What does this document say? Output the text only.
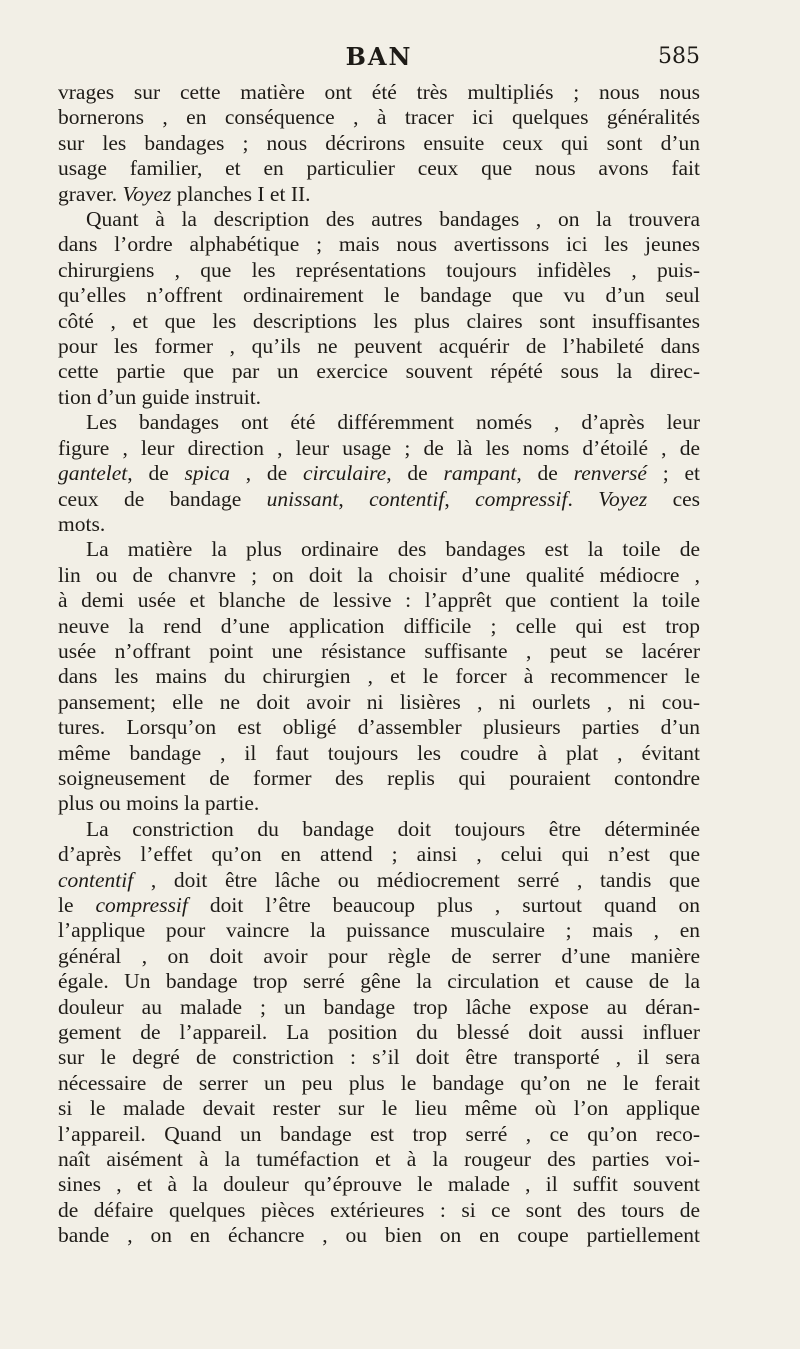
BAN	585
vrages sur cette matière ont été très multipliés ; nous nous
bornerons , en conséquence , à tracer ici quelques généralités
sur les bandages ; nous décrirons ensuite ceux qui sont d’un
usage familier, et en particulier ceux que nous avons fait
graver. Voyez planches I et II.
Quant à la description des autres bandages , on la trouvera
dans l’ordre alphabétique ; mais nous avertissons ici les jeunes
chirurgiens , que les représentations toujours infidèles , puis-
qu’elles n’offrent ordinairement le bandage que vu d’un seul
côté , et que les descriptions les plus claires sont insuffisantes
pour les former , qu’ils ne peuvent acquérir de l’habileté dans
cette partie que par un exercice souvent répété sous la direc-
tion d’un guide instruit.
Les bandages ont été différemment només , d’après leur
figure , leur direction , leur usage ; de là les noms d’étoilé , de
gantelet, de spica , de circulaire, de rampant, de renversé ; et
ceux de bandage unissant, contentif, compressif. Voyez ces
mots.
La matière la plus ordinaire des bandages est la toile de
lin ou de chanvre ; on doit la choisir d’une qualité médiocre ,
à demi usée et blanche de lessive : l’apprêt que contient la toile
neuve la rend d’une application difficile ; celle qui est trop
usée n’offrant point une résistance suffisante , peut se lacérer
dans les mains du chirurgien , et le forcer à recommencer le
pansement; elle ne doit avoir ni lisières , ni ourlets , ni cou-
tures. Lorsqu’on est obligé d’assembler plusieurs parties d’un
même bandage , il faut toujours les coudre à plat , évitant
soigneusement de former des replis qui pouraient contondre
plus ou moins la partie.
La constriction du bandage doit toujours être déterminée
d’après l’effet qu’on en attend ; ainsi , celui qui n’est que
contentif , doit être lâche ou médiocrement serré , tandis que
le compressif doit l’être beaucoup plus , surtout quand on
l’applique pour vaincre la puissance musculaire ; mais , en
général , on doit avoir pour règle de serrer d’une manière
égale. Un bandage trop serré gêne la circulation et cause de la
douleur au malade ; un bandage trop lâche expose au déran-
gement de l’appareil. La position du blessé doit aussi influer
sur le degré de constriction : s’il doit être transporté , il sera
nécessaire de serrer un peu plus le bandage qu’on ne le ferait
si le malade devait rester sur le lieu même où l’on applique
l’appareil. Quand un bandage est trop serré , ce qu’on reco-
naît aisément à la tuméfaction et à la rougeur des parties voi-
sines , et à la douleur qu’éprouve le malade , il suffit souvent
de défaire quelques pièces extérieures : si ce sont des tours de
bande , on en échancre , ou bien on en coupe partiellement
